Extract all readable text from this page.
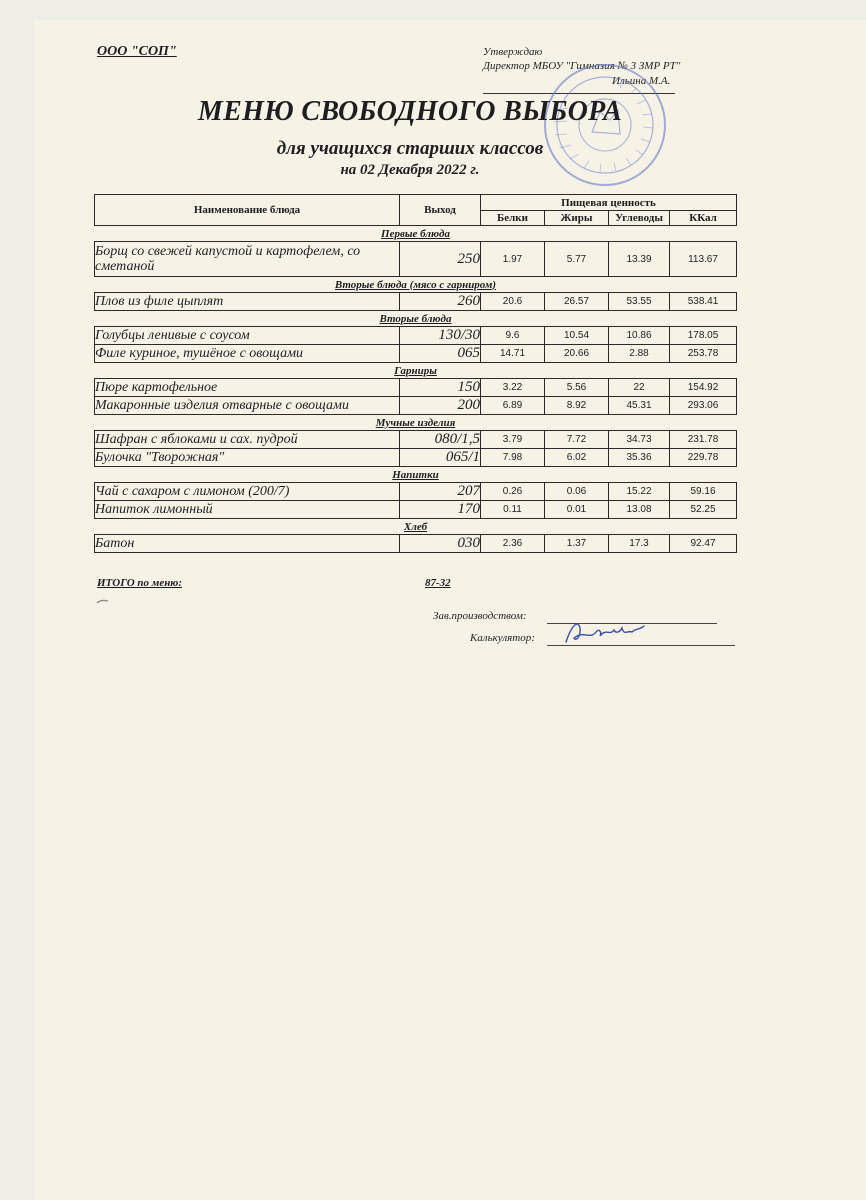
ООО "СОП"	Утверждаю
Директор МБОУ "Гимназия № 3 ЗМР РТ"
Ильина М.А.
МЕНЮ СВОБОДНОГО ВЫБОРА
для учащихся старших классов
на 02 Декабря 2022 г.
Наименование блюда	Выход	Пищевая ценность			
		Белки	Жиры	Углеводы	ККал
Первые блюда					
Борщ со свежей капустой и картофелем, со сметаной	250	1.97	5.77	13.39	113.67
Вторые блюда (мясо с гарниром)					
Плов из филе цыплят	260	20.6	26.57	53.55	538.41
Вторые блюда					
Голубцы ленивые с соусом	130/30	9.6	10.54	10.86	178.05
Филе куриное, тушёное с овощами	065	14.71	20.66	2.88	253.78
Гарниры					
Пюре картофельное	150	3.22	5.56	22	154.92
Макаронные изделия отварные с овощами	200	6.89	8.92	45.31	293.06
Мучные изделия					
Шафран с яблоками и сах. пудрой	080/1,5	3.79	7.72	34.73	231.78
Булочка "Творожная"	065/1	7.98	6.02	35.36	229.78
Напитки					
Чай с сахаром с лимоном (200/7)	207	0.26	0.06	15.22	59.16
Напиток лимонный	170	0.11	0.01	13.08	52.25
Хлеб					
Батон	030	2.36	1.37	17.3	92.47
ИТОГО по меню:	87-32
Зав.производством:
Калькулятор:
